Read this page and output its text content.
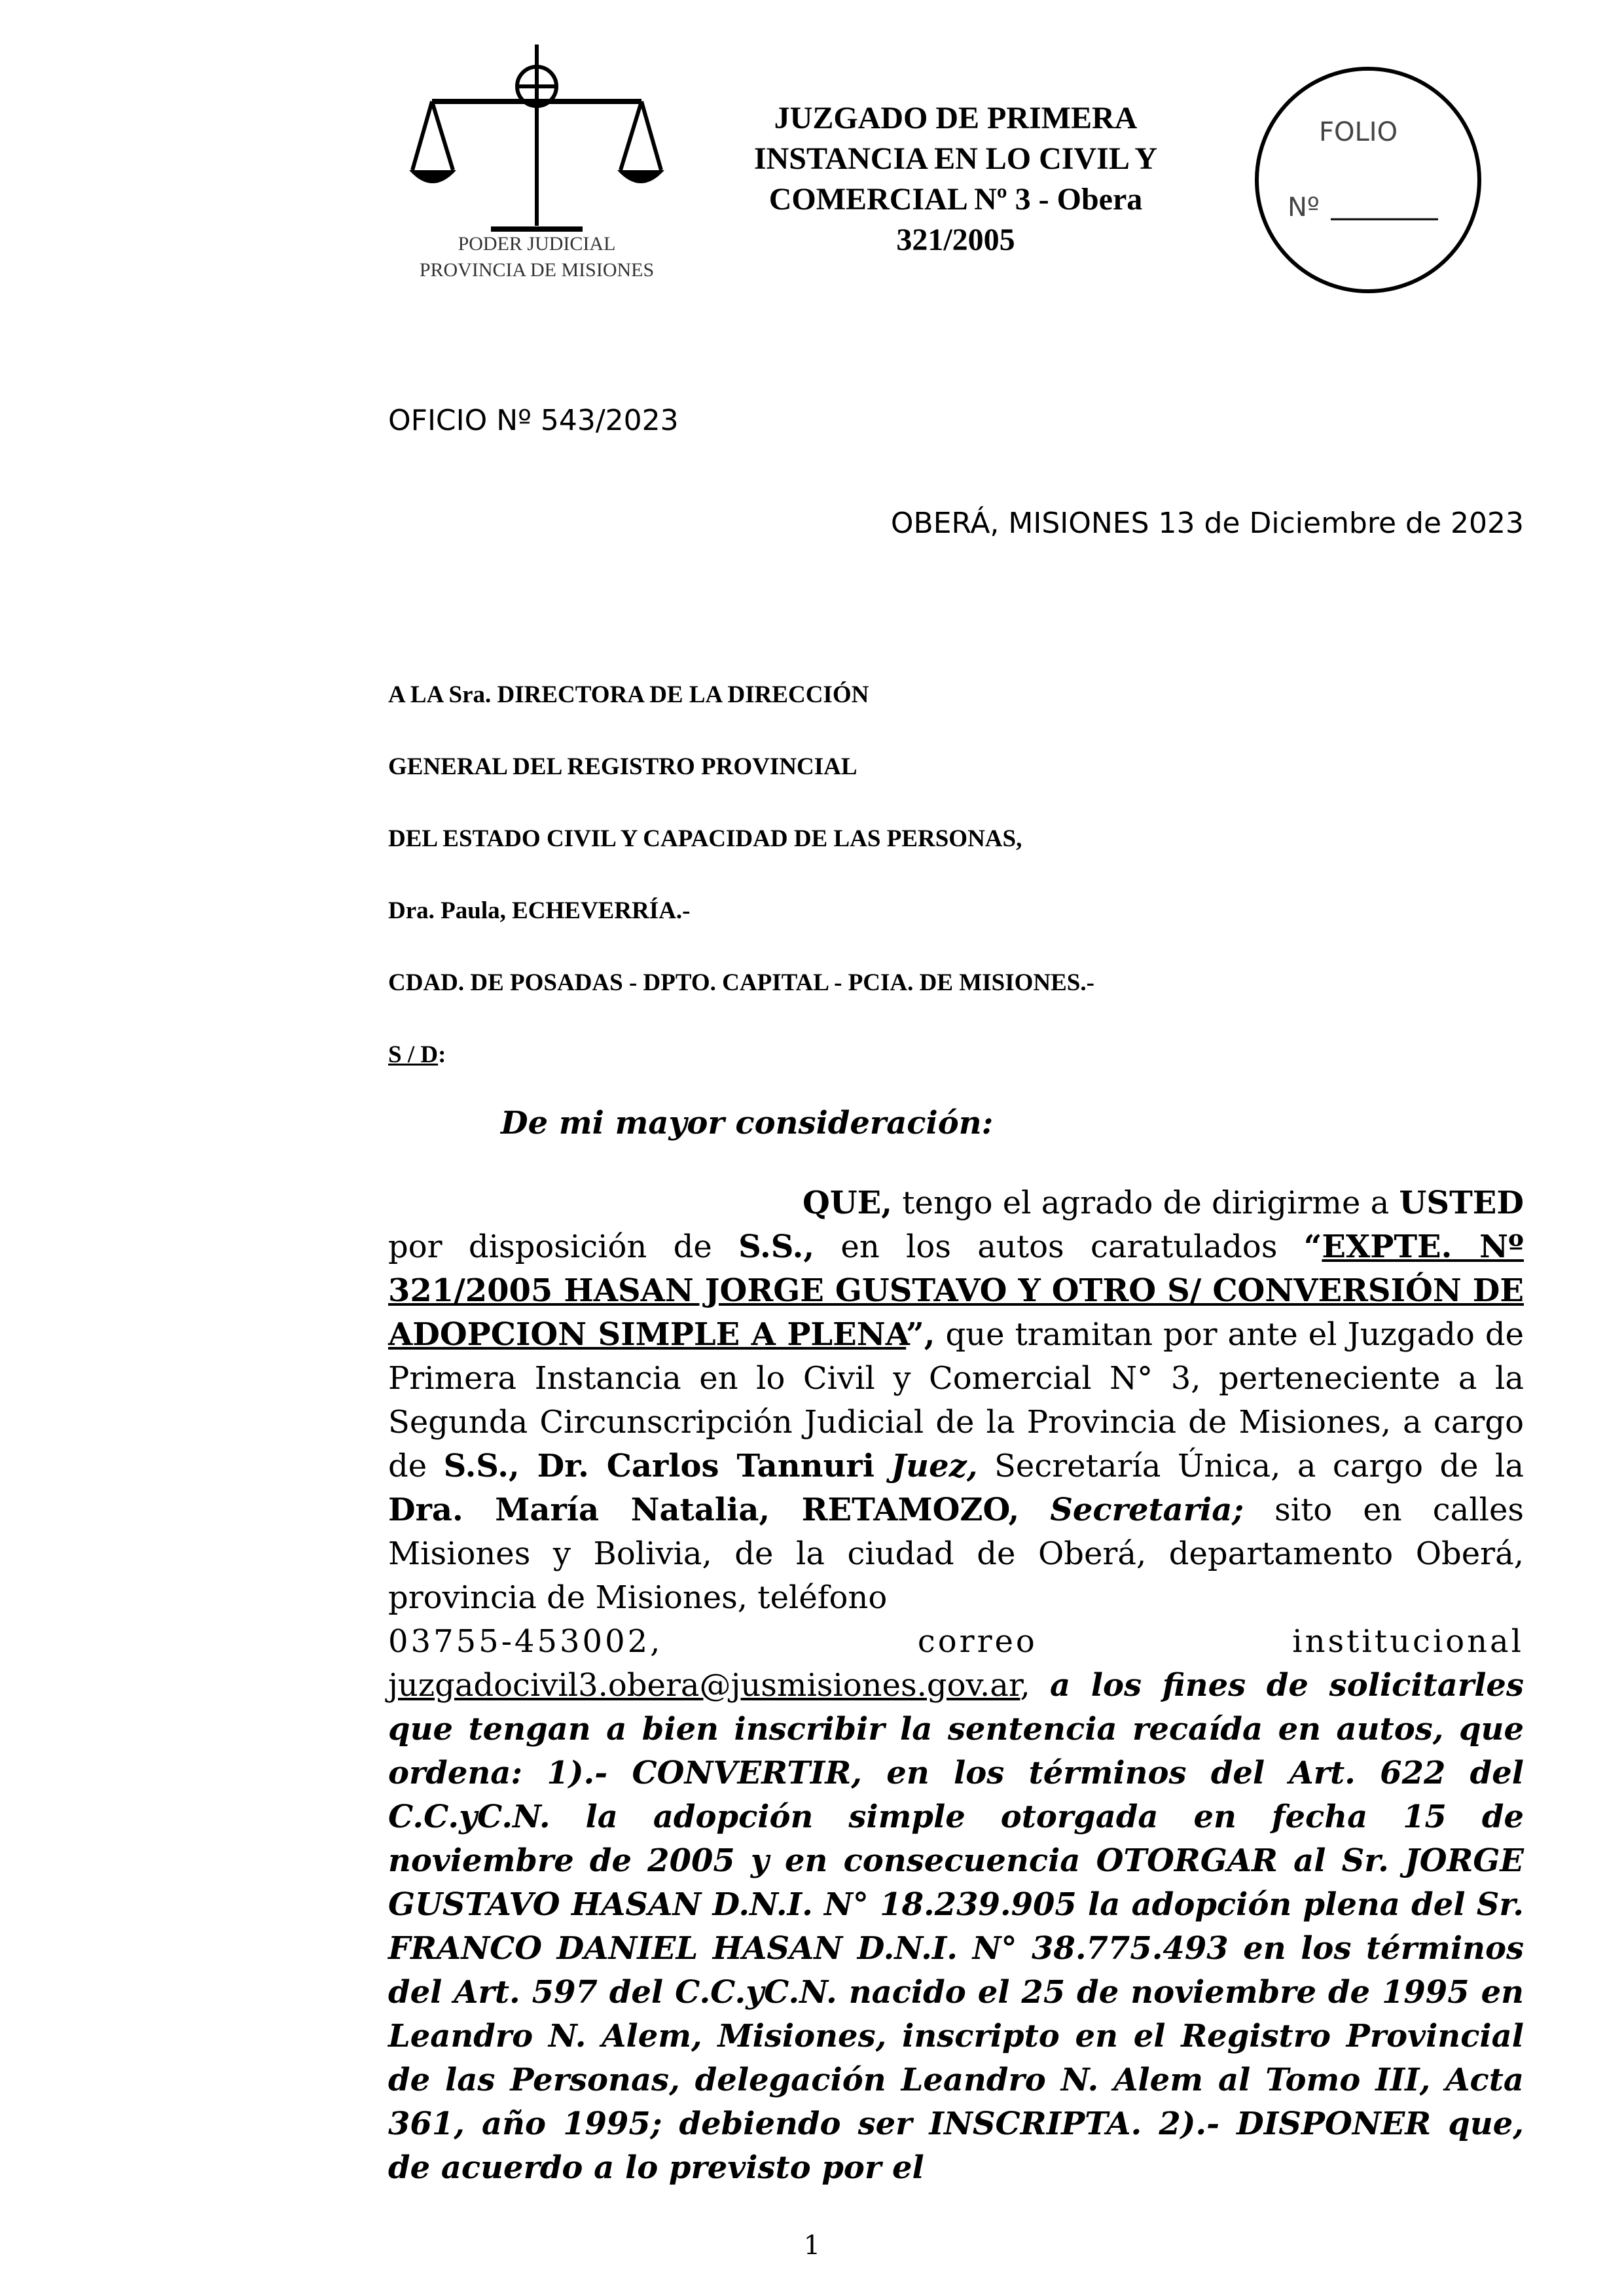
PODER JUDICIAL
PROVINCIA DE MISIONES
JUZGADO DE PRIMERA
INSTANCIA EN LO CIVIL Y
COMERCIAL Nº 3 - Obera
321/2005
FOLIO
Nº
OFICIO Nº 543/2023
OBERÁ, MISIONES 13 de Diciembre de 2023
A LA Sra. DIRECTORA DE LA DIRECCIÓN
GENERAL DEL REGISTRO PROVINCIAL
DEL ESTADO CIVIL Y CAPACIDAD DE LAS PERSONAS,
Dra. Paula, ECHEVERRÍA.-
CDAD. DE POSADAS - DPTO. CAPITAL - PCIA. DE MISIONES.-
S / D:
De mi mayor consideración:
QUE, tengo el agrado de dirigirme a USTED por disposición de S.S., en los autos caratulados “EXPTE. Nº 321/2005 HASAN JORGE GUSTAVO Y OTRO S/ CONVERSIÓN DE ADOPCION SIMPLE A PLENA”, que tramitan por ante el Juzgado de Primera Instancia en lo Civil y Comercial N° 3, perteneciente a la Segunda Circunscripción Judicial de la Provincia de Misiones, a cargo de S.S., Dr. Carlos Tannuri Juez, Secretaría Única, a cargo de la Dra. María Natalia, RETAMOZO, Secretaria; sito en calles Misiones y Bolivia, de la ciudad de Oberá, departamento Oberá, provincia de Misiones, teléfono
03755-453002, correo institucional
juzgadocivil3.obera@jusmisiones.gov.ar, a los fines de solicitarles que tengan a bien inscribir la sentencia recaída en autos, que ordena: 1).- CONVERTIR, en los términos del Art. 622 del C.C.yC.N. la adopción simple otorgada en fecha 15 de noviembre de 2005 y en consecuencia OTORGAR al Sr. JORGE GUSTAVO HASAN D.N.I. N° 18.239.905 la adopción plena del Sr. FRANCO DANIEL HASAN D.N.I. N° 38.775.493 en los términos del Art. 597 del C.C.yC.N. nacido el 25 de noviembre de 1995 en Leandro N. Alem, Misiones, inscripto en el Registro Provincial de las Personas, delegación Leandro N. Alem al Tomo III, Acta 361, año 1995; debiendo ser INSCRIPTA. 2).- DISPONER que, de acuerdo a lo previsto por el
1
